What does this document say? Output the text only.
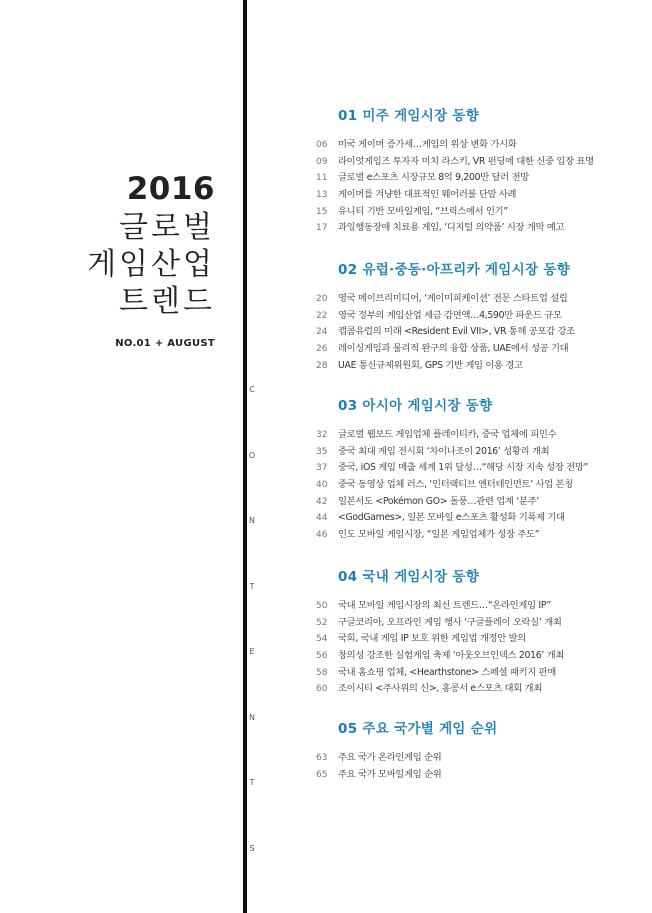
2016
글로벌
게임산업
트렌드
NO.01 + AUGUST
C
O
N
T
E
N
T
S
01 미주 게임시장 동향
06 미국 게이머 증가세…게임의 위상 변화 가시화
09 라이엇게임즈 투자자 미치 라스키, VR 펀딩에 대한 신중 입장 표명
11 글로벌 e스포츠 시장규모 8억 9,200만 달러 전망
13 게이머를 겨냥한 대표적인 웨어러블 단말 사례
15 유니티 기반 모바일게임, “브릭스에서 인기”
17 과잉행동장애 치료용 게임, ‘디지털 의약품’ 시장 개막 예고
02 유럽·중동·아프리카 게임시장 동향
20 영국 메이브리미디어, ‘게이미피케이션’ 전문 스타트업 설립
22 영국 정부의 게임산업 세금 감면액…4,590만 파운드 규모
24 캡콤유럽의 미래 <Resident Evil VII>, VR 통해 공포감 강조
26 레이싱게임과 물리적 완구의 융합 상품, UAE에서 성공 기대
28 UAE 통신규제위원회, GPS 기반 게임 이용 경고
03 아시아 게임시장 동향
32 글로벌 웹보드 게임업체 플레이티카, 중국 업체에 피인수
35 중국 최대 게임 전시회 ‘차이나조이 2016’ 성황리 개최
37 중국, iOS 게임 매출 세계 1위 달성…“해당 시장 지속 성장 전망”
40 중국 동영상 업체 러스, ‘인터랙티브 엔터테인먼트’ 사업 본칭
42 일본서도 <Pokémon GO> 돌풍…관련 업계 ‘분주’
44 <GodGames>, 일본 모바일 e스포츠 활성화 기폭제 기대
46 인도 모바일 게임시장, “일본 게임업체가 성장 주도”
04 국내 게임시장 동향
50 국내 모바일 게임시장의 최신 트렌드…“온라인게임 IP”
52 구글코리아, 오프라인 게임 행사 ‘구글플레이 오락실’ 개최
54 국회, 국내 게임 IP 보호 위한 게임법 개정안 발의
56 창의성 강조한 실험게임 축제 ‘아웃오브인덱스 2016’ 개최
58 국내 홈쇼핑 업체, <Hearthstone> 스페셜 패키지 판매
60 조이시티 <주사위의 신>, 홍콩서 e스포츠 대회 개최
05 주요 국가별 게임 순위
63 주요 국가 온라인게임 순위
65 주요 국가 모바일게임 순위
